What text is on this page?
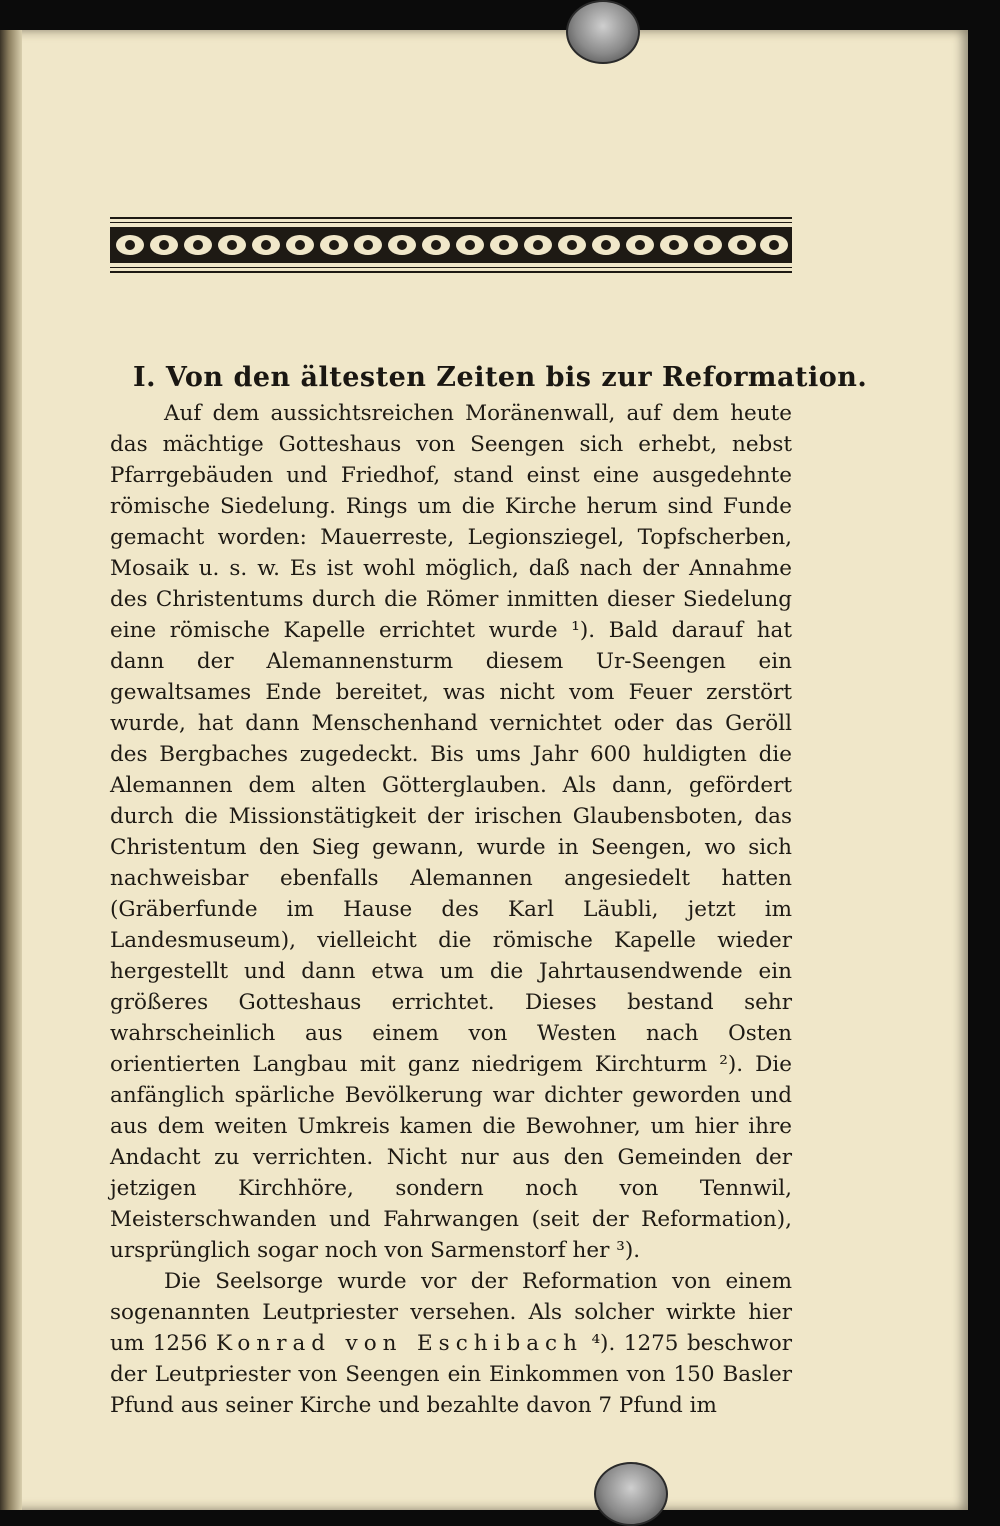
I. Von den ältesten Zeiten bis zur Reformation.

Auf dem aussichtsreichen Moränenwall, auf dem heute das mächtige Gotteshaus von Seengen sich erhebt, nebst Pfarrgebäuden und Friedhof, stand einst eine ausgedehnte römische Siedelung. Rings um die Kirche herum sind Funde gemacht worden: Mauerreste, Legionsziegel, Topfscherben, Mosaik u. s. w. Es ist wohl möglich, daß nach der Annahme des Christentums durch die Römer inmitten dieser Siedelung eine römische Kapelle errichtet wurde ¹). Bald darauf hat dann der Alemannensturm diesem Ur-Seengen ein gewaltsames Ende bereitet, was nicht vom Feuer zerstört wurde, hat dann Menschenhand vernichtet oder das Geröll des Bergbaches zugedeckt. Bis ums Jahr 600 huldigten die Alemannen dem alten Götterglauben. Als dann, gefördert durch die Missionstätigkeit der irischen Glaubensboten, das Christentum den Sieg gewann, wurde in Seengen, wo sich nachweisbar ebenfalls Alemannen angesiedelt hatten (Gräberfunde im Hause des Karl Läubli, jetzt im Landesmuseum), vielleicht die römische Kapelle wieder hergestellt und dann etwa um die Jahrtausendwende ein größeres Gotteshaus errichtet. Dieses bestand sehr wahrscheinlich aus einem von Westen nach Osten orientierten Langbau mit ganz niedrigem Kirchturm ²). Die anfänglich spärliche Bevölkerung war dichter geworden und aus dem weiten Umkreis kamen die Bewohner, um hier ihre Andacht zu verrichten. Nicht nur aus den Gemeinden der jetzigen Kirchhöre, sondern noch von Tennwil, Meisterschwanden und Fahrwangen (seit der Reformation), ursprünglich sogar noch von Sarmenstorf her ³).

Die Seelsorge wurde vor der Reformation von einem sogenannten Leutpriester versehen. Als solcher wirkte hier um 1256 Konrad von Eschibach ⁴). 1275 beschwor der Leutpriester von Seengen ein Einkommen von 150 Basler Pfund aus seiner Kirche und bezahlte davon 7 Pfund im
